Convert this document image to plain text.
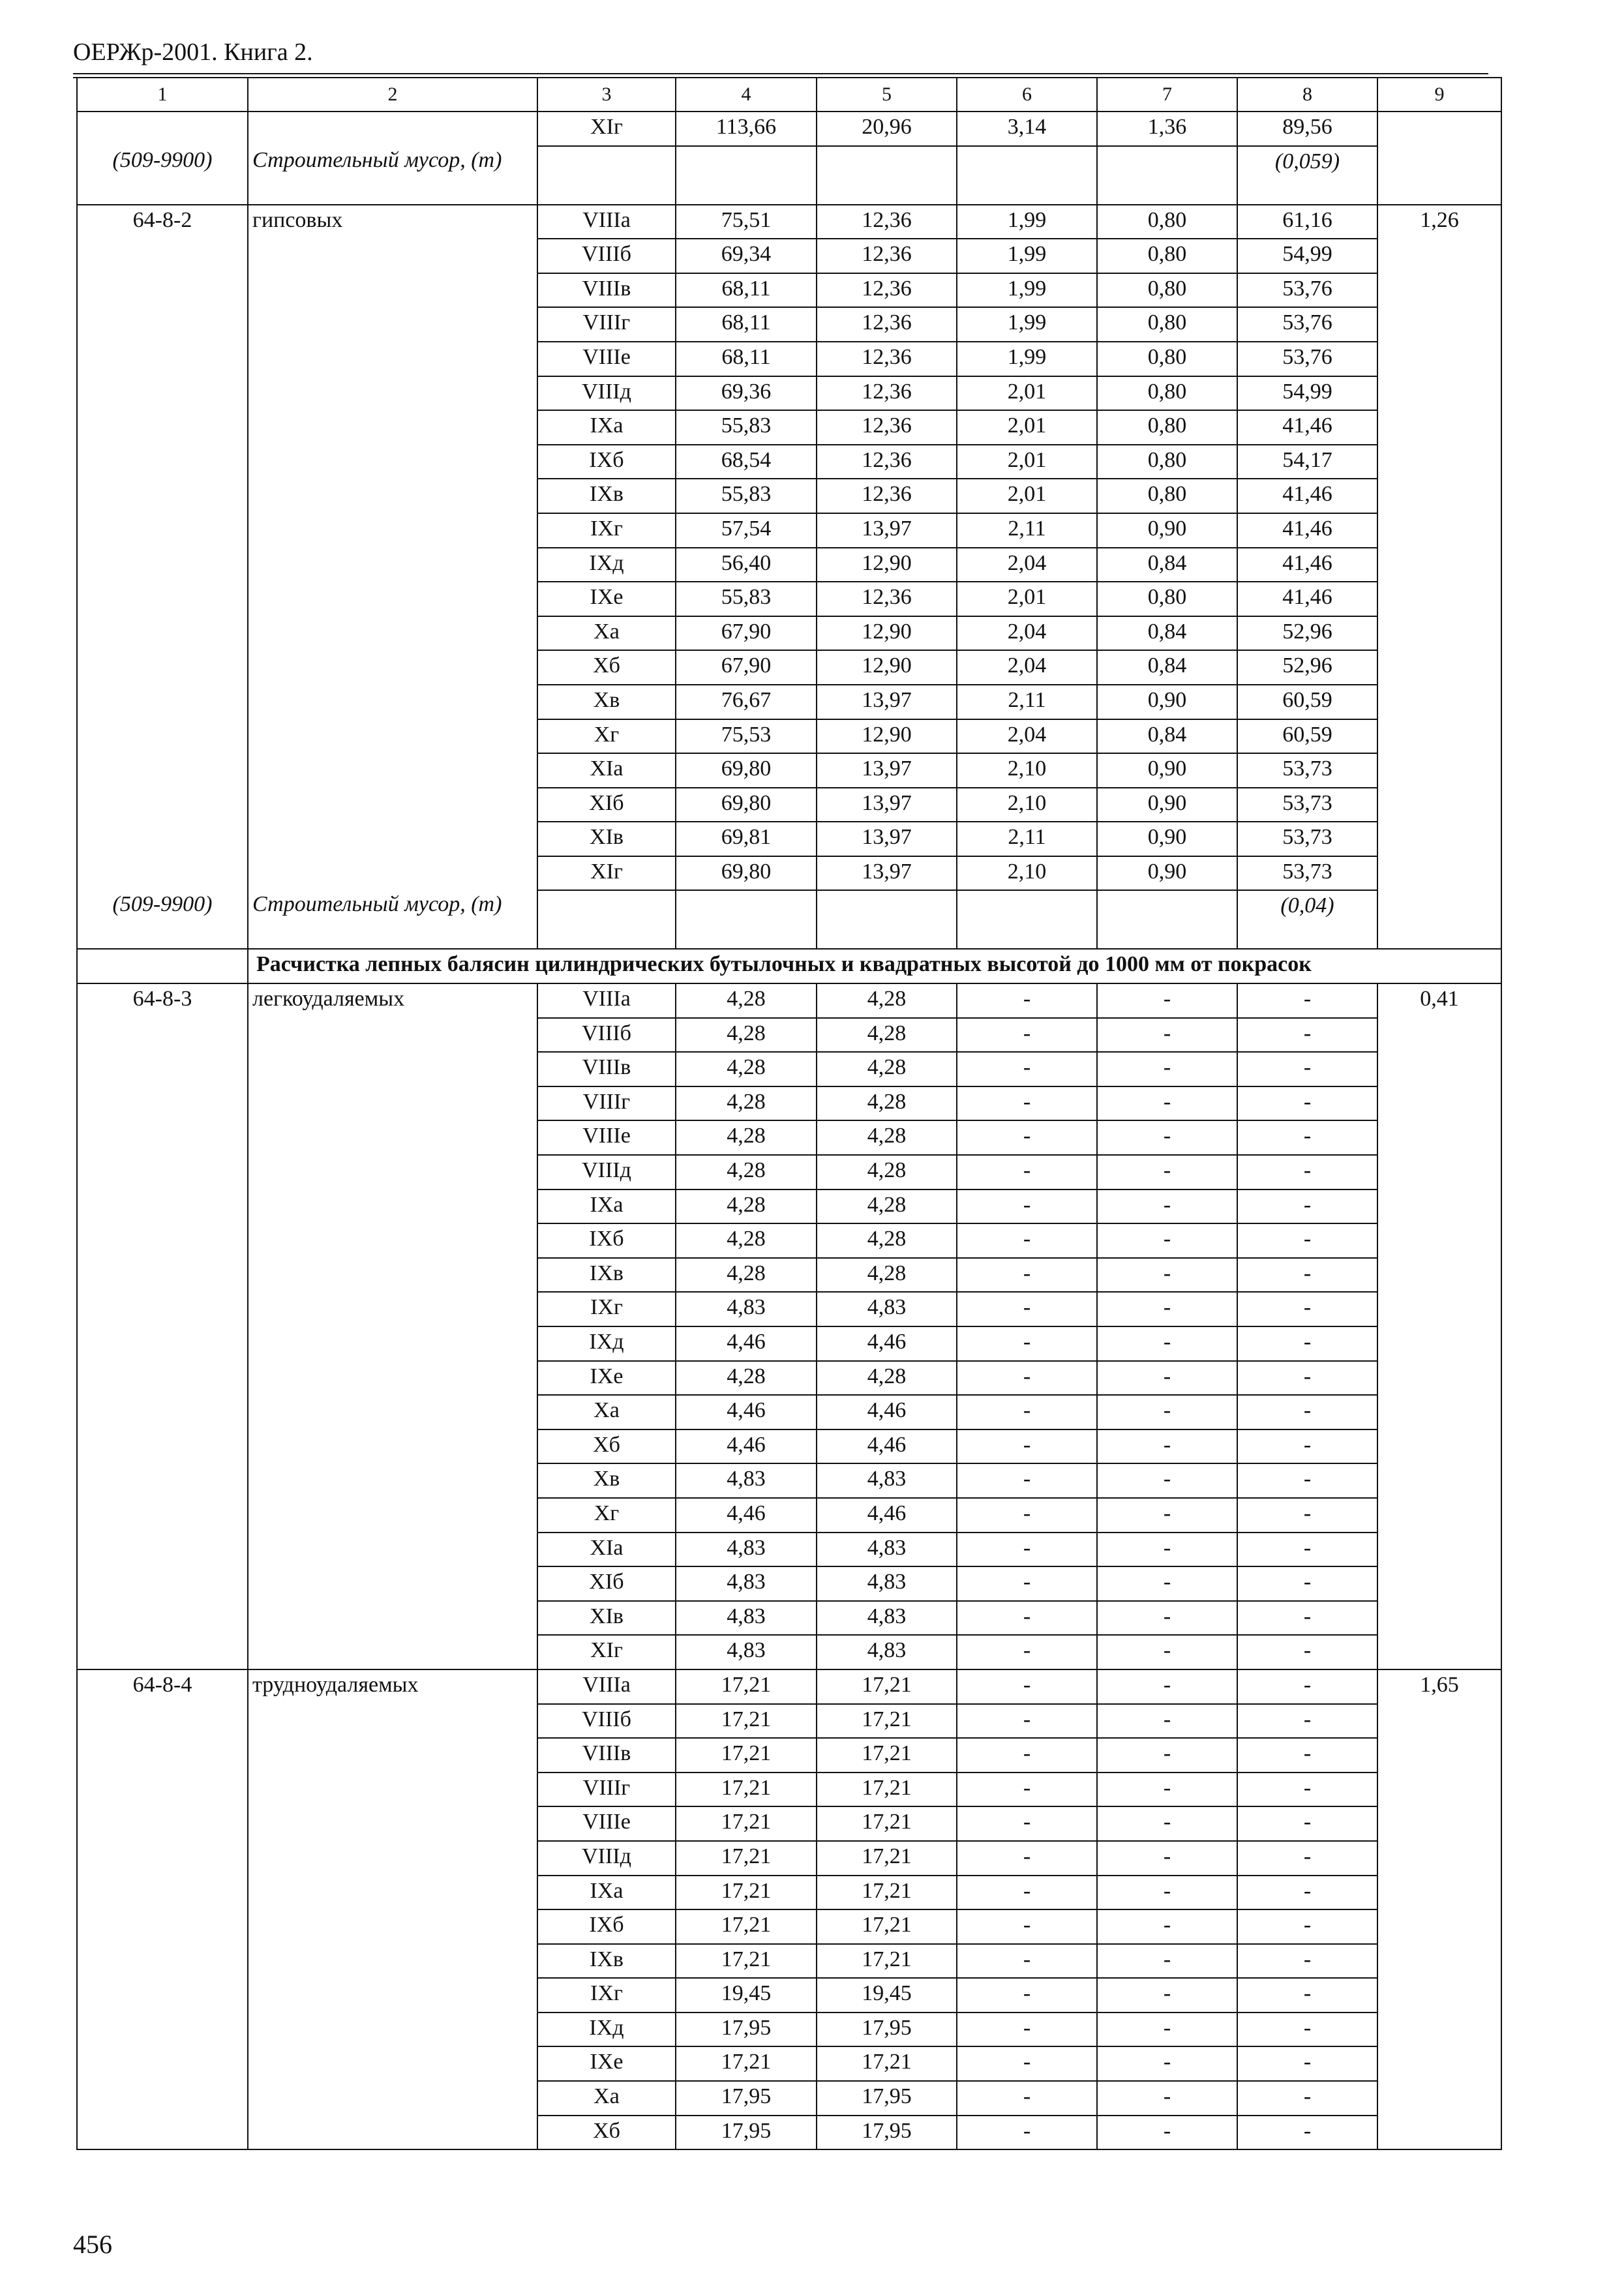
ОЕРЖр-2001. Книга 2.
1	2	3	4	5	6	7	8	9
		XIг	113,66	20,96	3,14	1,36	89,56	
(509-9900)	Строительный мусор, (т)						(0,059)	
64-8-2	гипсовых	VIIIа	75,51	12,36	1,99	0,80	61,16	1,26
		VIIIб	69,34	12,36	1,99	0,80	54,99	
		VIIIв	68,11	12,36	1,99	0,80	53,76	
		VIIIг	68,11	12,36	1,99	0,80	53,76	
		VIIIе	68,11	12,36	1,99	0,80	53,76	
		VIIIд	69,36	12,36	2,01	0,80	54,99	
		IXа	55,83	12,36	2,01	0,80	41,46	
		IXб	68,54	12,36	2,01	0,80	54,17	
		IXв	55,83	12,36	2,01	0,80	41,46	
		IXг	57,54	13,97	2,11	0,90	41,46	
		IXд	56,40	12,90	2,04	0,84	41,46	
		IXе	55,83	12,36	2,01	0,80	41,46	
		Xа	67,90	12,90	2,04	0,84	52,96	
		Xб	67,90	12,90	2,04	0,84	52,96	
		Xв	76,67	13,97	2,11	0,90	60,59	
		Xг	75,53	12,90	2,04	0,84	60,59	
		XIа	69,80	13,97	2,10	0,90	53,73	
		XIб	69,80	13,97	2,10	0,90	53,73	
		XIв	69,81	13,97	2,11	0,90	53,73	
		XIг	69,80	13,97	2,10	0,90	53,73	
(509-9900)	Строительный мусор, (т)						(0,04)	
	Расчистка лепных балясин цилиндрических бутылочных и квадратных высотой до 1000 мм от покрасок							
64-8-3	легкоудаляемых	VIIIа	4,28	4,28	-	-	-	0,41
		VIIIб	4,28	4,28	-	-	-	
		VIIIв	4,28	4,28	-	-	-	
		VIIIг	4,28	4,28	-	-	-	
		VIIIе	4,28	4,28	-	-	-	
		VIIIд	4,28	4,28	-	-	-	
		IXа	4,28	4,28	-	-	-	
		IXб	4,28	4,28	-	-	-	
		IXв	4,28	4,28	-	-	-	
		IXг	4,83	4,83	-	-	-	
		IXд	4,46	4,46	-	-	-	
		IXе	4,28	4,28	-	-	-	
		Xа	4,46	4,46	-	-	-	
		Xб	4,46	4,46	-	-	-	
		Xв	4,83	4,83	-	-	-	
		Xг	4,46	4,46	-	-	-	
		XIа	4,83	4,83	-	-	-	
		XIб	4,83	4,83	-	-	-	
		XIв	4,83	4,83	-	-	-	
		XIг	4,83	4,83	-	-	-	
64-8-4	трудноудаляемых	VIIIа	17,21	17,21	-	-	-	1,65
		VIIIб	17,21	17,21	-	-	-	
		VIIIв	17,21	17,21	-	-	-	
		VIIIг	17,21	17,21	-	-	-	
		VIIIе	17,21	17,21	-	-	-	
		VIIIд	17,21	17,21	-	-	-	
		IXа	17,21	17,21	-	-	-	
		IXб	17,21	17,21	-	-	-	
		IXв	17,21	17,21	-	-	-	
		IXг	19,45	19,45	-	-	-	
		IXд	17,95	17,95	-	-	-	
		IXе	17,21	17,21	-	-	-	
		Xа	17,95	17,95	-	-	-	
		Xб	17,95	17,95	-	-	-	
456
